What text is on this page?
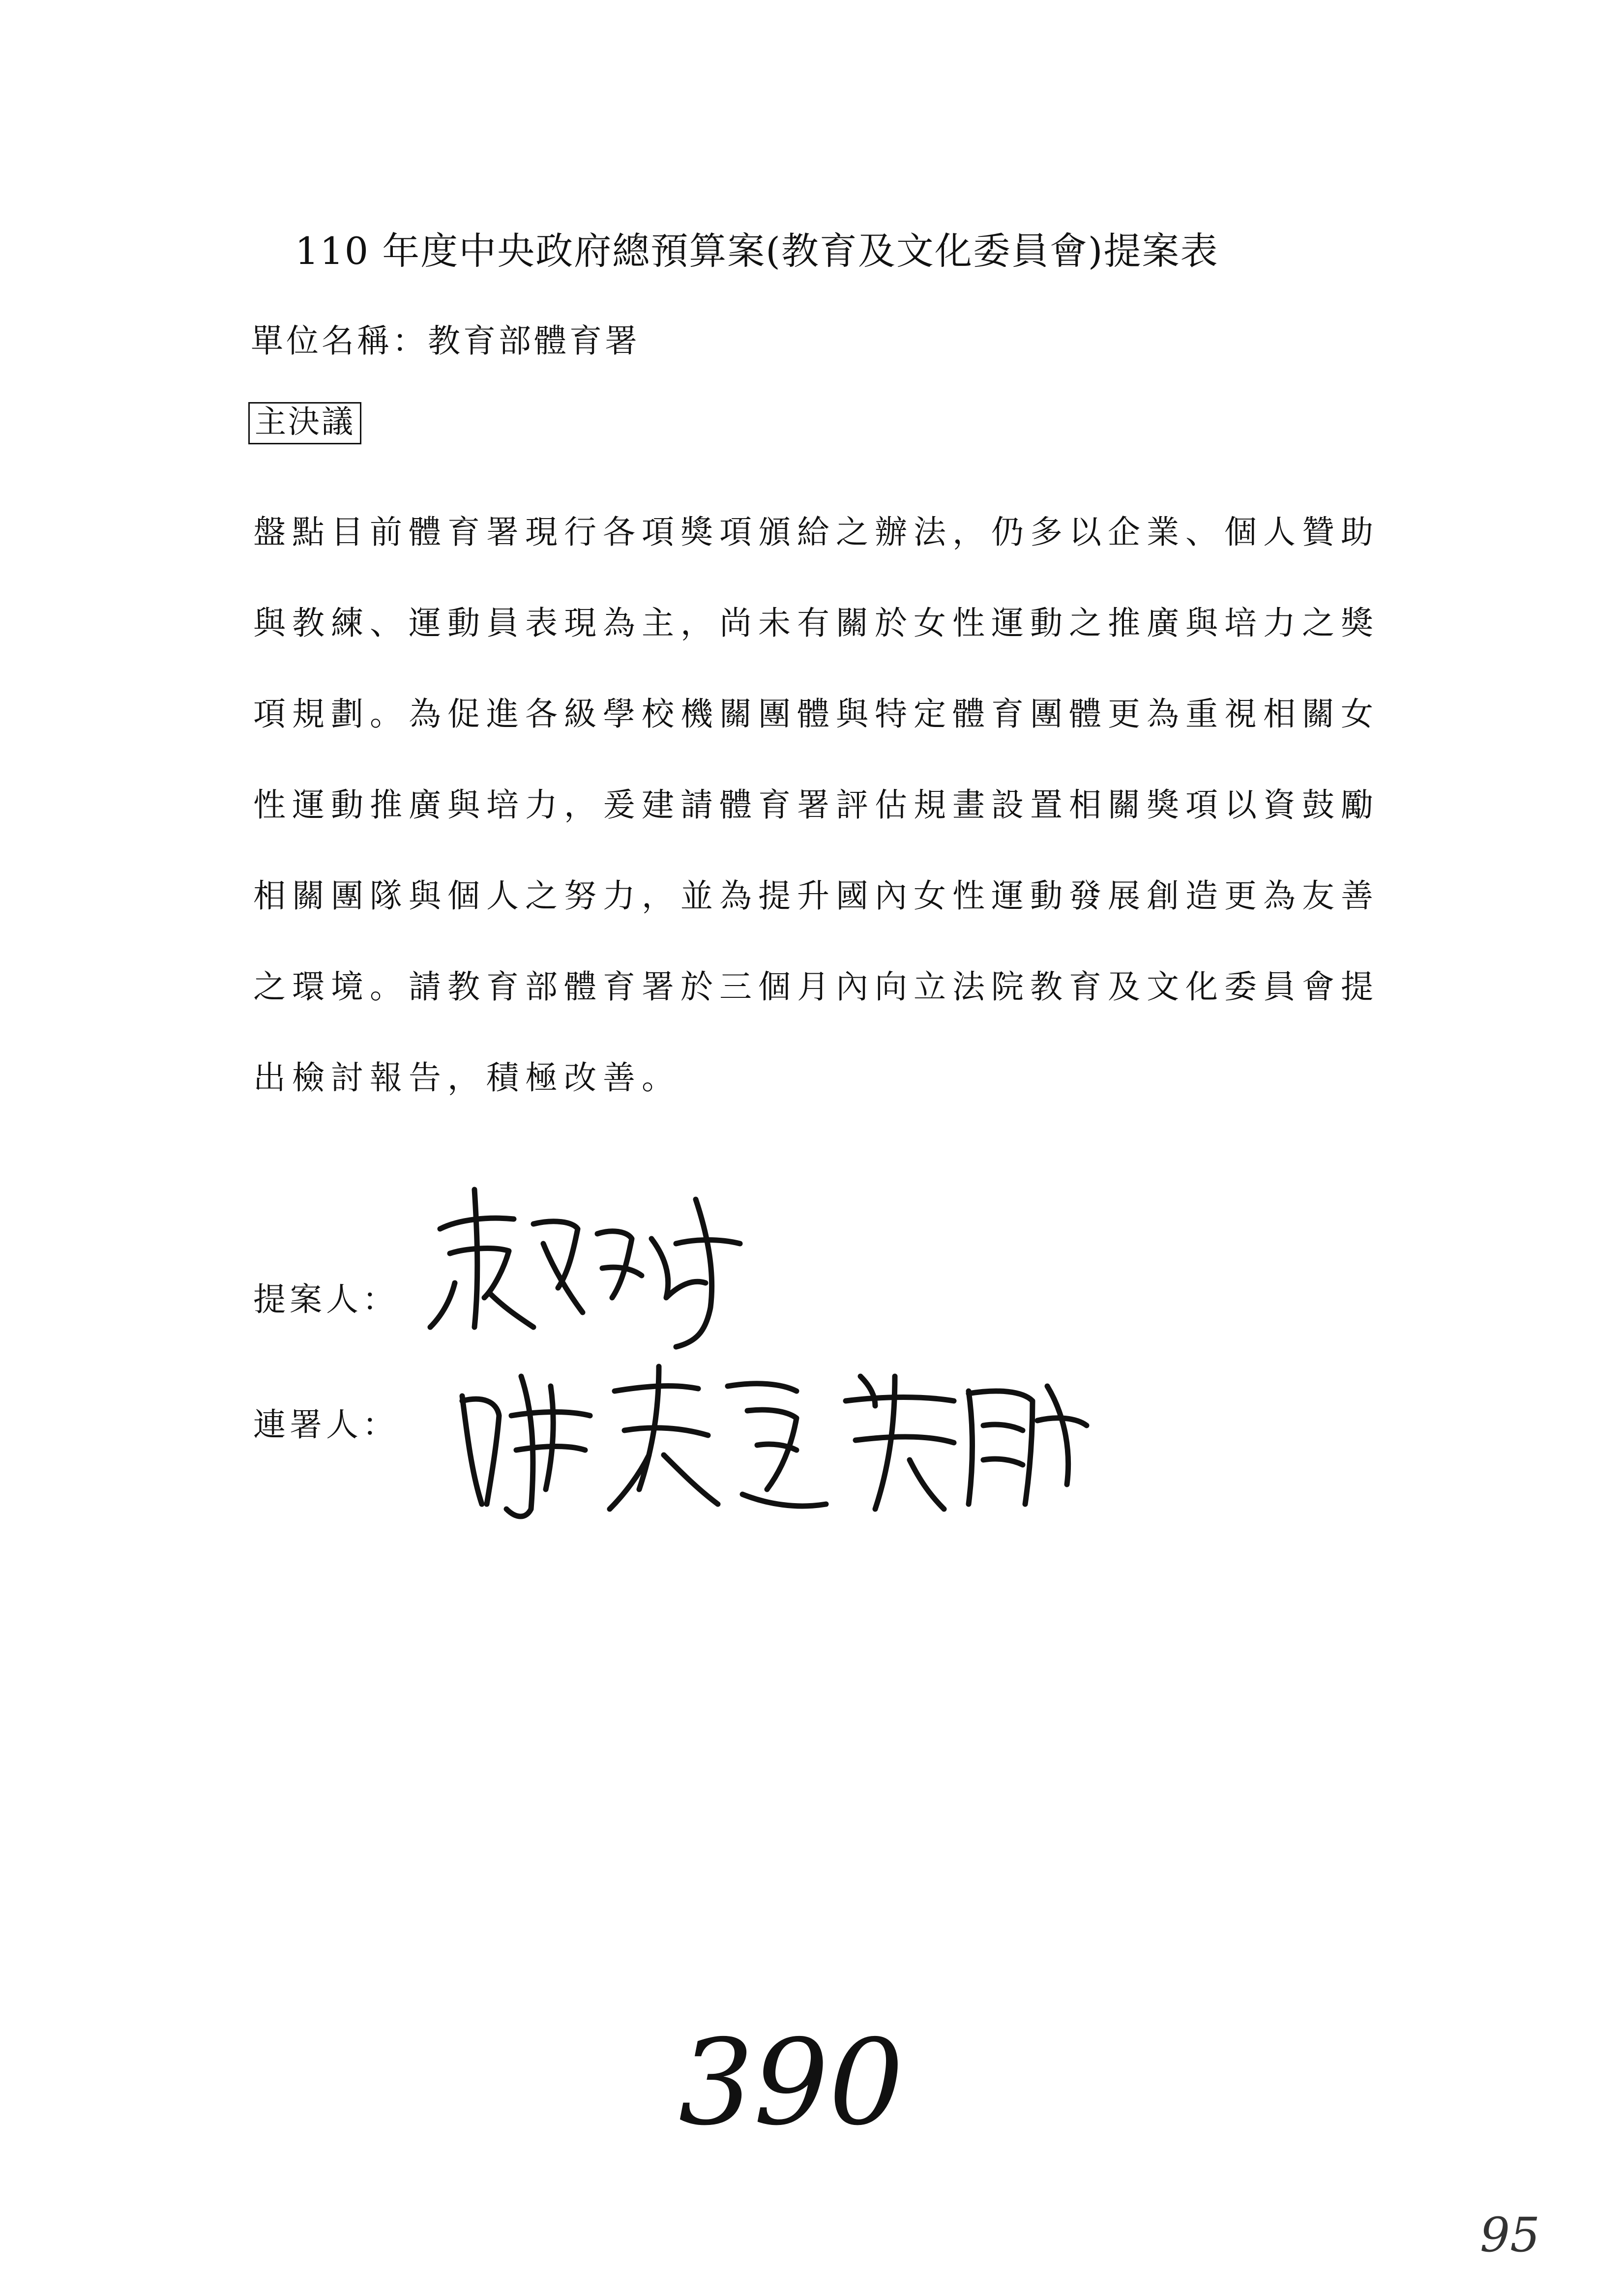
110 年度中央政府總預算案(教育及文化委員會)提案表
單位名稱：教育部體育署
主決議
盤點目前體育署現行各項獎項頒給之辦法，仍多以企業、個人贊助
與教練、運動員表現為主，尚未有關於女性運動之推廣與培力之獎
項規劃。為促進各級學校機關團體與特定體育團體更為重視相關女
性運動推廣與培力，爰建請體育署評估規畫設置相關獎項以資鼓勵
相關團隊與個人之努力，並為提升國內女性運動發展創造更為友善
之環境。請教育部體育署於三個月內向立法院教育及文化委員會提
出檢討報告，積極改善。
提案人：
連署人：
390
95
